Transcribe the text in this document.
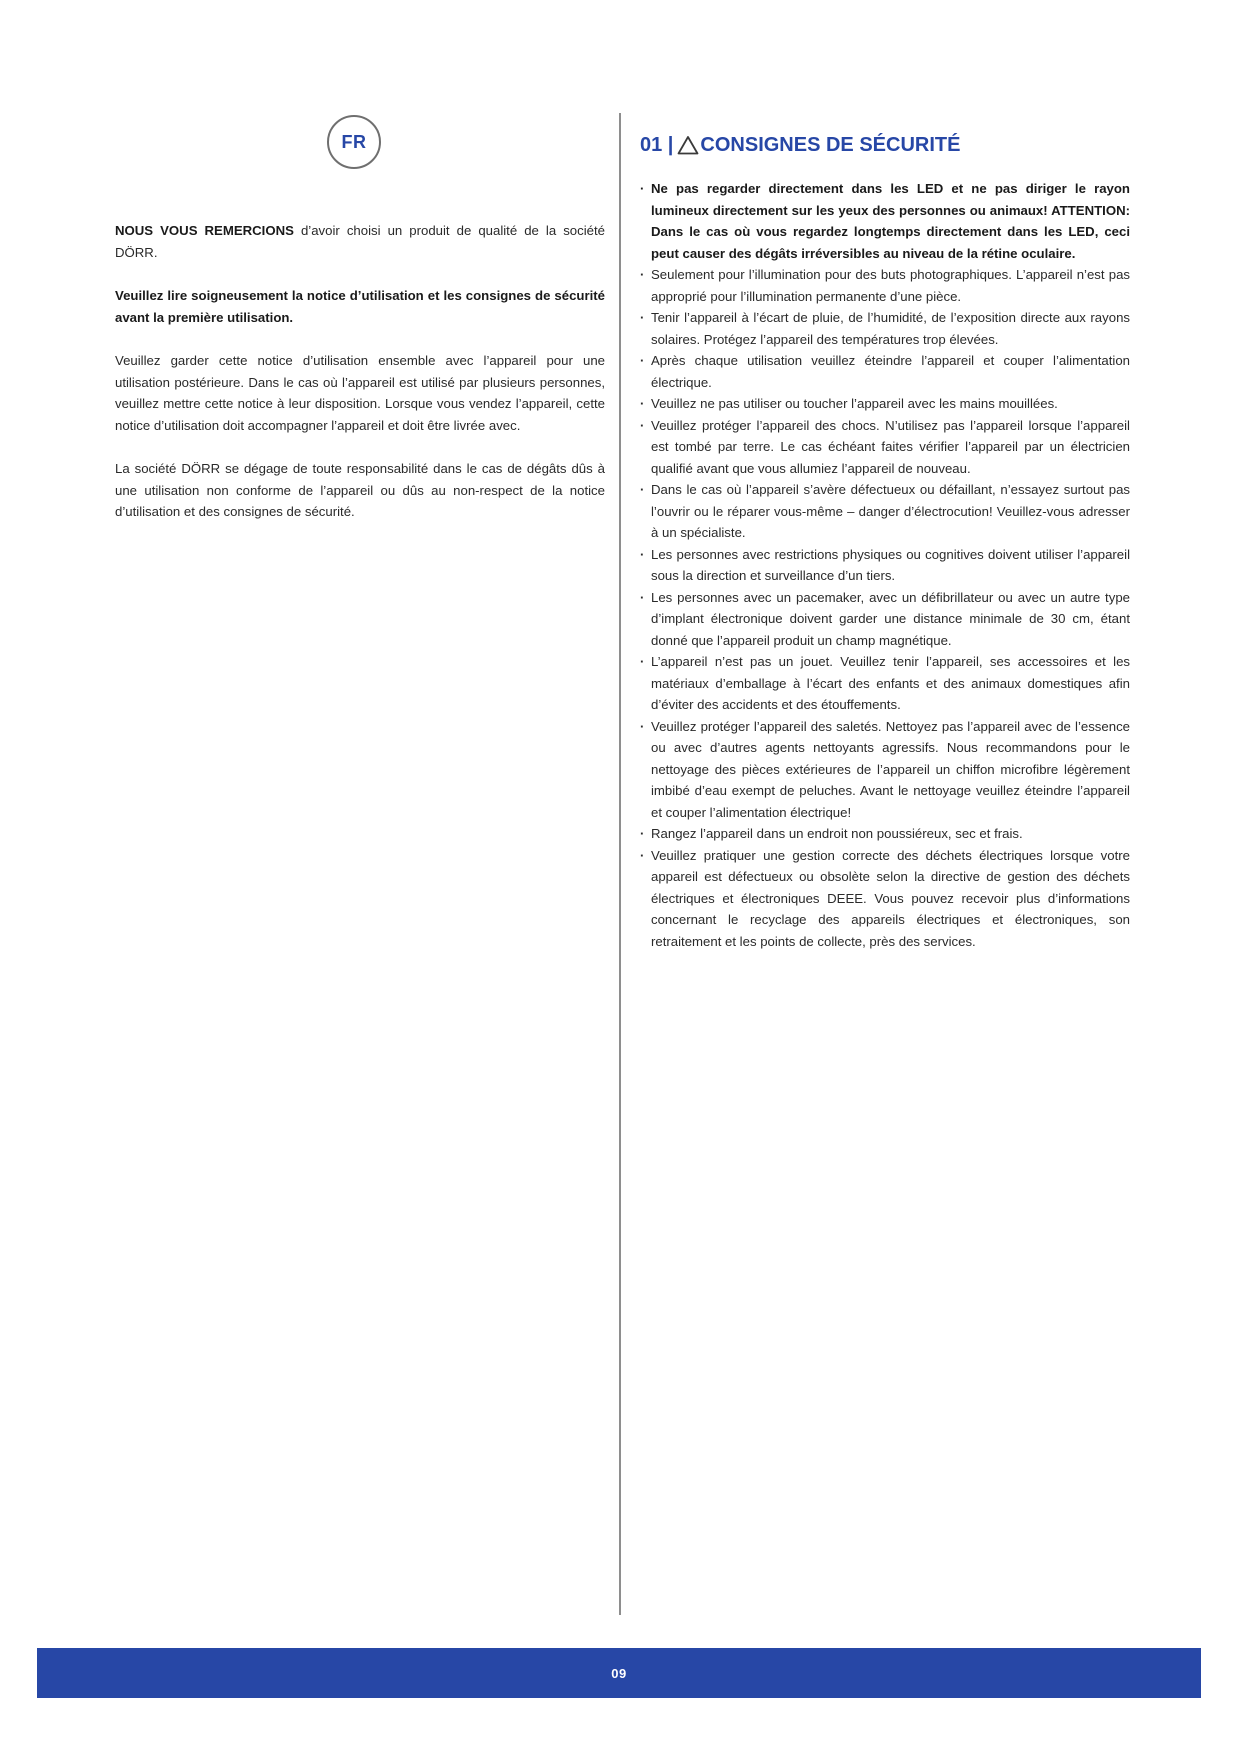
FR

NOUS VOUS REMERCIONS d’avoir choisi un produit de qualité de la société DÖRR.

Veuillez lire soigneusement la notice d’utilisation et les consignes de sécurité avant la première utilisation.

Veuillez garder cette notice d’utilisation ensemble avec l’appareil pour une utilisation postérieure. Dans le cas où l’appareil est utilisé par plusieurs personnes, veuillez mettre cette notice à leur disposition. Lorsque vous vendez l’appareil, cette notice d’utilisation doit accompagner l’appareil et doit être livrée avec.

La société DÖRR se dégage de toute responsabilité dans le cas de dégâts dûs à une utilisation non conforme de l’appareil ou dûs au non-respect de la notice d’utilisation et des consignes de sécurité.

01 | CONSIGNES DE SÉCURITÉ
· Ne pas regarder directement dans les LED et ne pas diriger le rayon lumineux directement sur les yeux des personnes ou animaux! ATTENTION: Dans le cas où vous regardez longtemps directement dans les LED, ceci peut causer des dégâts irréversibles au niveau de la rétine oculaire.
· Seulement pour l’illumination pour des buts photographiques. L’appareil n’est pas approprié pour l’illumination permanente d’une pièce.
· Tenir l’appareil à l’écart de pluie, de l’humidité, de l’exposition directe aux rayons solaires. Protégez l’appareil des températures trop élevées.
· Après chaque utilisation veuillez éteindre l’appareil et couper l’alimentation électrique.
· Veuillez ne pas utiliser ou toucher l’appareil avec les mains mouillées.
· Veuillez protéger l’appareil des chocs. N’utilisez pas l’appareil lorsque l’appareil est tombé par terre. Le cas échéant faites vérifier l’appareil par un électricien qualifié avant que vous allumiez l’appareil de nouveau.
· Dans le cas où l’appareil s’avère défectueux ou défaillant, n’essayez surtout pas l’ouvrir ou le réparer vous-même – danger d’électrocution! Veuillez-vous adresser à un spécialiste.
· Les personnes avec restrictions physiques ou cognitives doivent utiliser l’appareil sous la direction et surveillance d’un tiers.
· Les personnes avec un pacemaker, avec un défibrillateur ou avec un autre type d’implant électronique doivent garder une distance minimale de 30 cm, étant donné que l’appareil produit un champ magnétique.
· L’appareil n’est pas un jouet. Veuillez tenir l’appareil, ses accessoires et les matériaux d’emballage à l’écart des enfants et des animaux domestiques afin d’éviter des accidents et des étouffements.
· Veuillez protéger l’appareil des saletés. Nettoyez pas l’appareil avec de l’essence ou avec d’autres agents nettoyants agressifs. Nous recommandons pour le nettoyage des pièces extérieures de l’appareil un chiffon microfibre légèrement imbibé d’eau exempt de peluches. Avant le nettoyage veuillez éteindre l’appareil et couper l’alimentation électrique!
· Rangez l’appareil dans un endroit non poussiéreux, sec et frais.
· Veuillez pratiquer une gestion correcte des déchets électriques lorsque votre appareil est défectueux ou obsolète selon la directive de gestion des déchets électriques et électroniques DEEE. Vous pouvez recevoir plus d’informations concernant le recyclage des appareils électriques et électroniques, son retraitement et les points de collecte, près des services.
09
